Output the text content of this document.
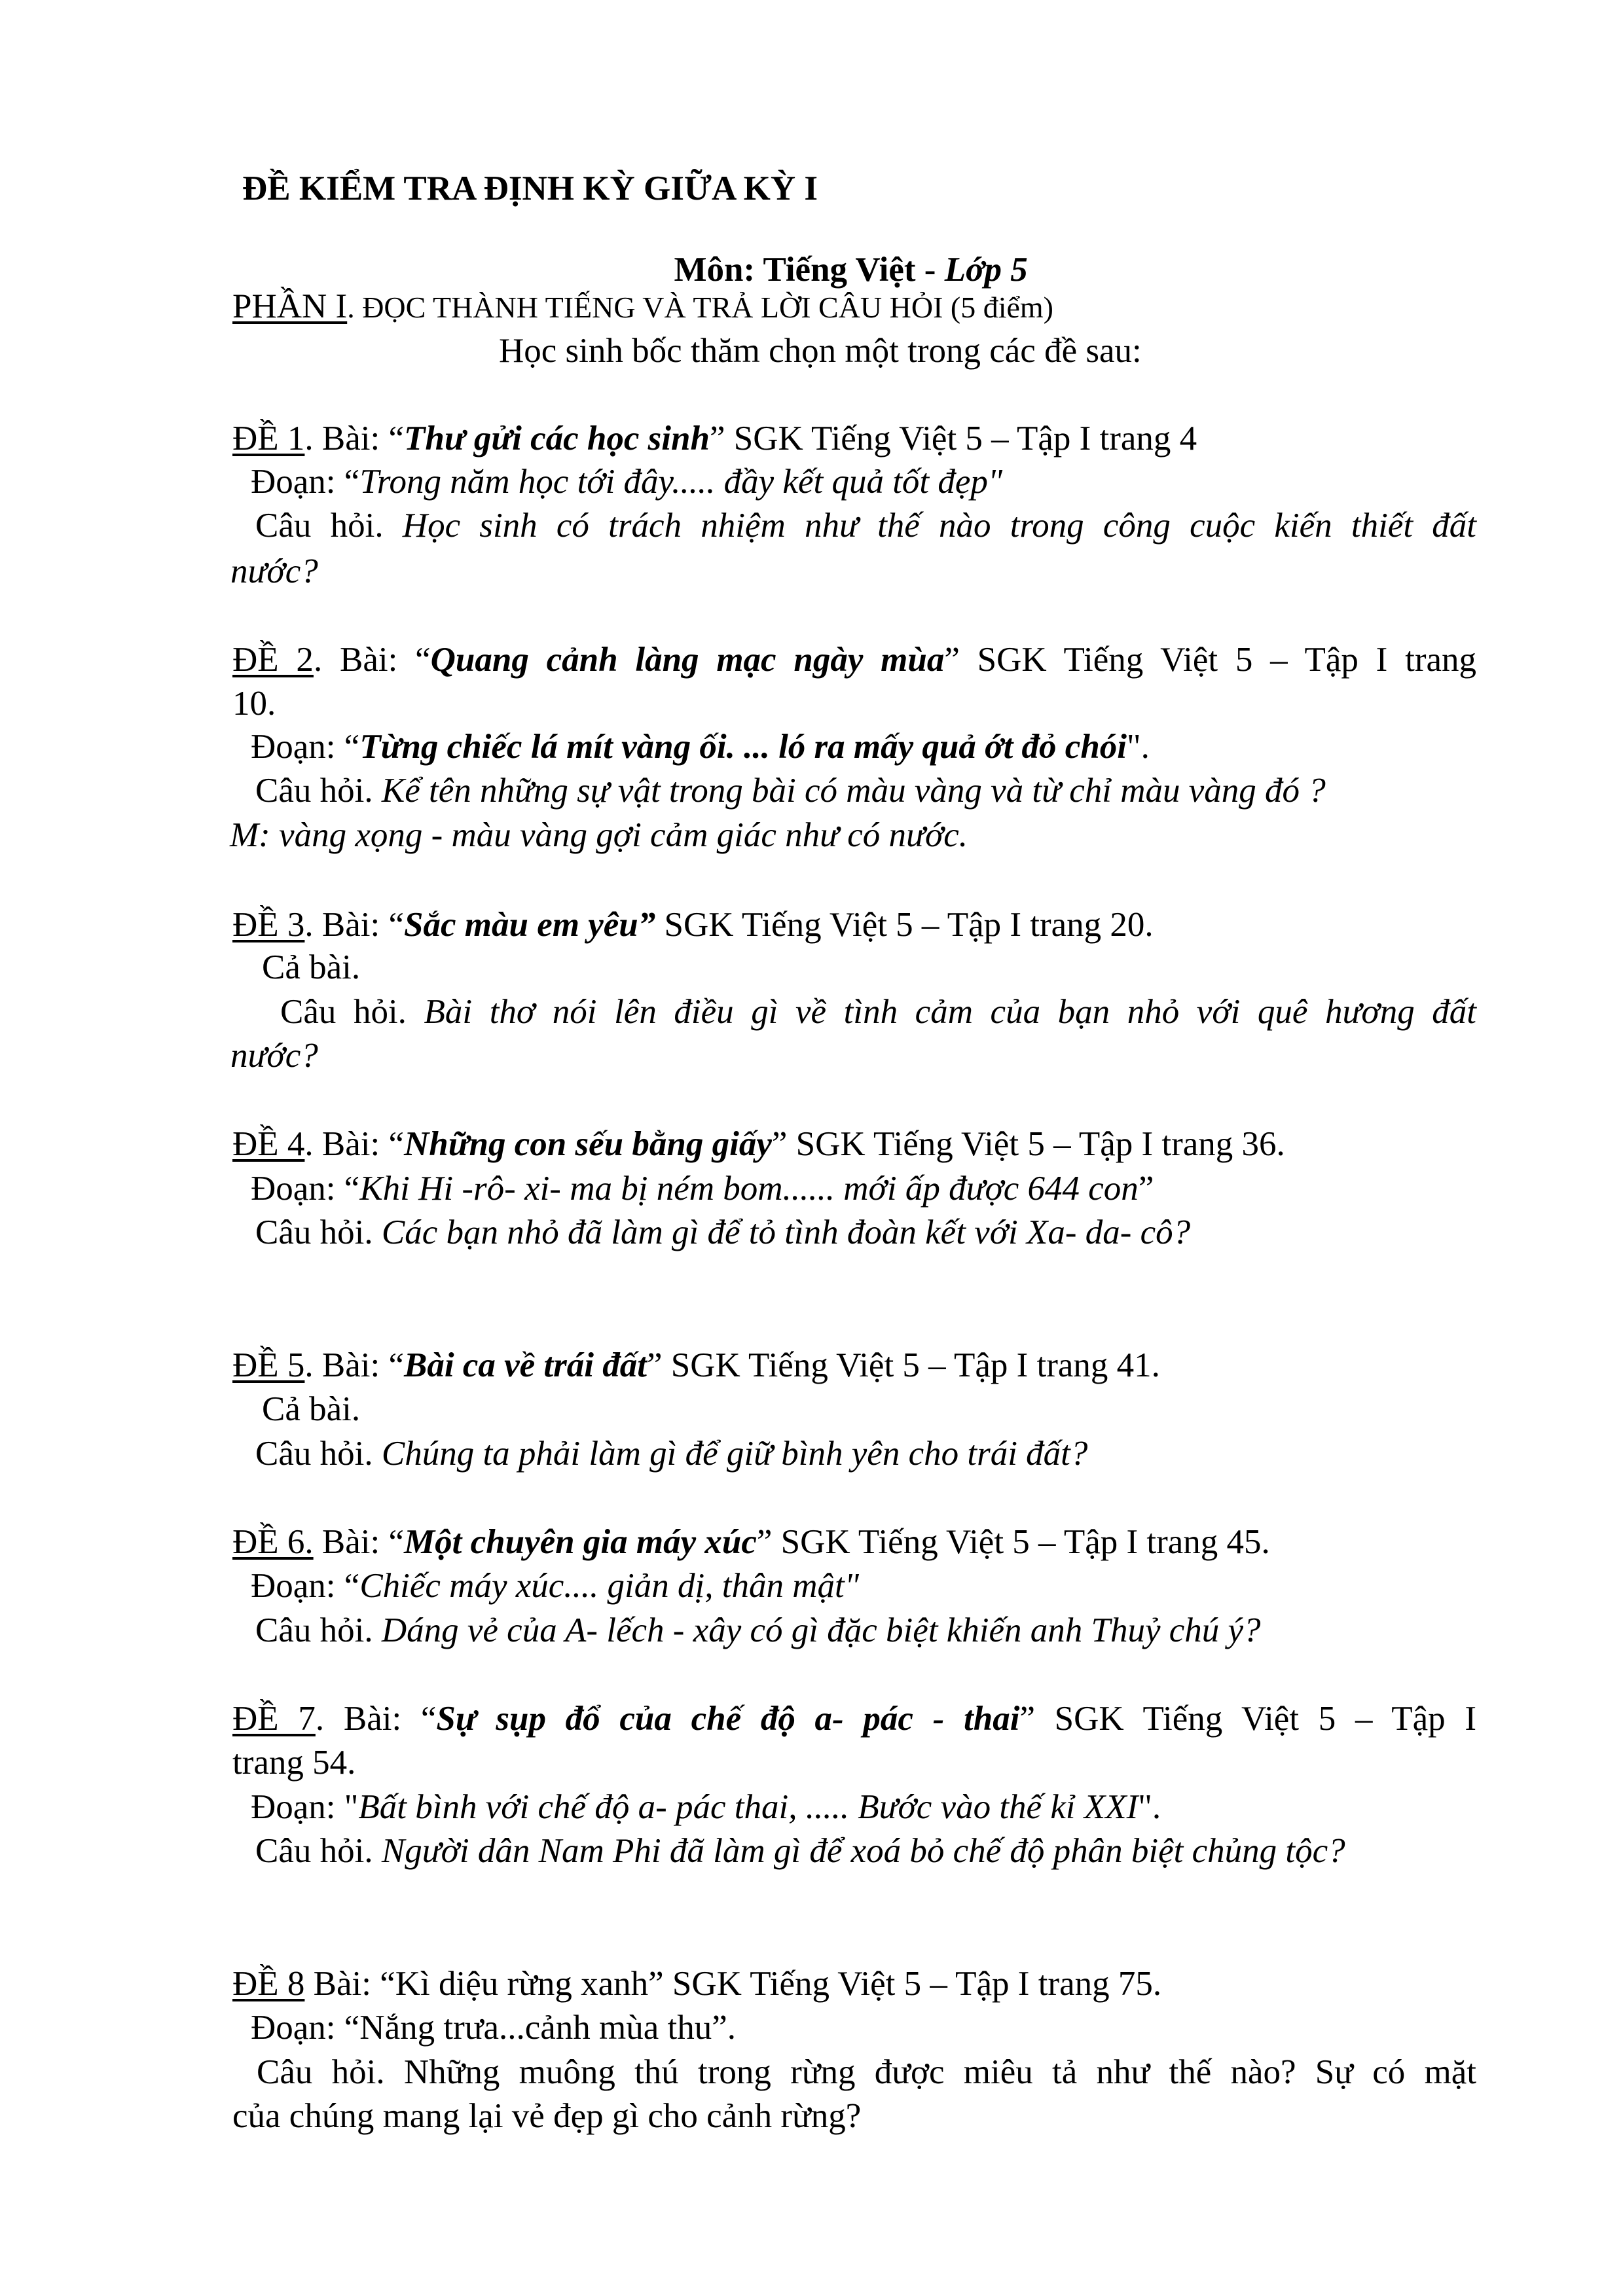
ĐỀ KIỂM TRA ĐỊNH KỲ GIỮA KỲ I

Môn: Tiếng Việt - Lớp 5

PHẦN I. ĐỌC THÀNH TIẾNG VÀ TRẢ LỜI CÂU HỎI (5 điểm)
Học sinh bốc thăm chọn một trong các đề sau:
ĐỀ 1. Bài: “Thư gửi các học sinh” SGK Tiếng Việt 5 – Tập I trang 4
Đoạn: “Trong năm học tới đây..... đầy kết quả tốt đẹp"
Câu hỏi. Học sinh có trách nhiệm như thế nào trong công cuộc kiến thiết đất
nước?
ĐỀ 2. Bài: “Quang cảnh làng mạc ngày mùa” SGK Tiếng Việt 5 – Tập I trang
10.
Đoạn: “Từng chiếc lá mít vàng ối. ... ló ra mấy quả ớt đỏ chói".
Câu hỏi. Kể tên những sự vật trong bài có màu vàng và từ chỉ màu vàng đó ?
M: vàng xọng - màu vàng gợi cảm giác như có nước.
ĐỀ 3. Bài: “Sắc màu em yêu” SGK Tiếng Việt 5 – Tập I trang 20.
Cả bài.
Câu hỏi. Bài thơ nói lên điều gì về tình cảm của bạn nhỏ với quê hương đất
nước?
ĐỀ 4. Bài: “Những con sếu bằng giấy” SGK Tiếng Việt 5 – Tập I trang 36.
Đoạn: “Khi Hi -rô- xi- ma bị ném bom...... mới ấp được 644 con”
Câu hỏi. Các bạn nhỏ đã làm gì để tỏ tình đoàn kết với Xa- da- cô?
ĐỀ 5. Bài: “Bài ca về trái đất” SGK Tiếng Việt 5 – Tập I trang 41.
Cả bài.
Câu hỏi. Chúng ta phải làm gì để giữ bình yên cho trái đất?
ĐỀ 6. Bài: “Một chuyên gia máy xúc” SGK Tiếng Việt 5 – Tập I trang 45.
Đoạn: “Chiếc máy xúc.... giản dị, thân mật"
Câu hỏi. Dáng vẻ của A- lếch - xây có gì đặc biệt khiến anh Thuỷ chú ý?
ĐỀ 7. Bài: “Sự sụp đổ của chế độ a- pác - thai” SGK Tiếng Việt 5 – Tập I
trang 54.
Đoạn: "Bất bình với chế độ a- pác thai, ..... Bước vào thế kỉ XXI".
Câu hỏi. Người dân Nam Phi đã làm gì để xoá bỏ chế độ phân biệt chủng tộc?
ĐỀ 8 Bài: “Kì diệu rừng xanh” SGK Tiếng Việt 5 – Tập I trang 75.
Đoạn: “Nắng trưa...cảnh mùa thu”.
Câu hỏi. Những muông thú trong rừng được miêu tả như thế nào? Sự có mặt
của chúng mang lại vẻ đẹp gì cho cảnh rừng?
